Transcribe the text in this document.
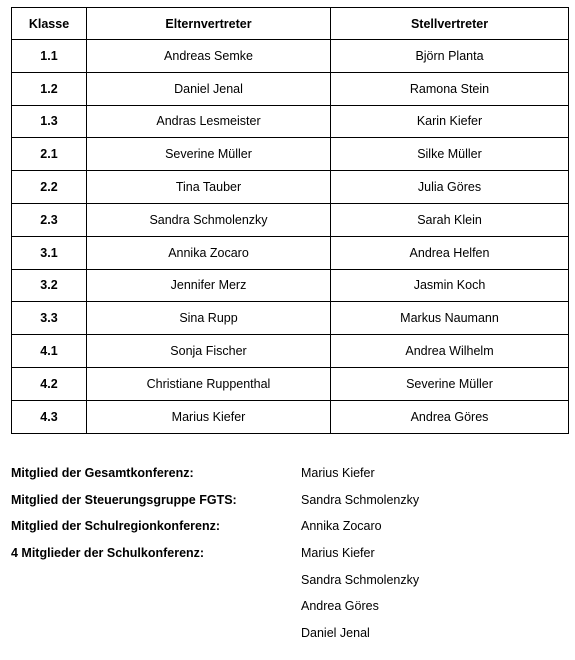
Klasse	Elternvertreter	Stellvertreter
1.1	Andreas Semke	Björn Planta
1.2	Daniel Jenal	Ramona Stein
1.3	Andras Lesmeister	Karin Kiefer
2.1	Severine Müller	Silke Müller
2.2	Tina Tauber	Julia Göres
2.3	Sandra Schmolenzky	Sarah Klein
3.1	Annika Zocaro	Andrea Helfen
3.2	Jennifer Merz	Jasmin Koch
3.3	Sina Rupp	Markus Naumann
4.1	Sonja Fischer	Andrea Wilhelm
4.2	Christiane Ruppenthal	Severine Müller
4.3	Marius Kiefer	Andrea Göres
Mitglied der Gesamtkonferenz:	Marius Kiefer
Mitglied der Steuerungsgruppe FGTS:	Sandra Schmolenzky
Mitglied der Schulregionkonferenz:	Annika Zocaro
4 Mitglieder der Schulkonferenz:	Marius Kiefer
Sandra Schmolenzky
Andrea Göres
Daniel Jenal
